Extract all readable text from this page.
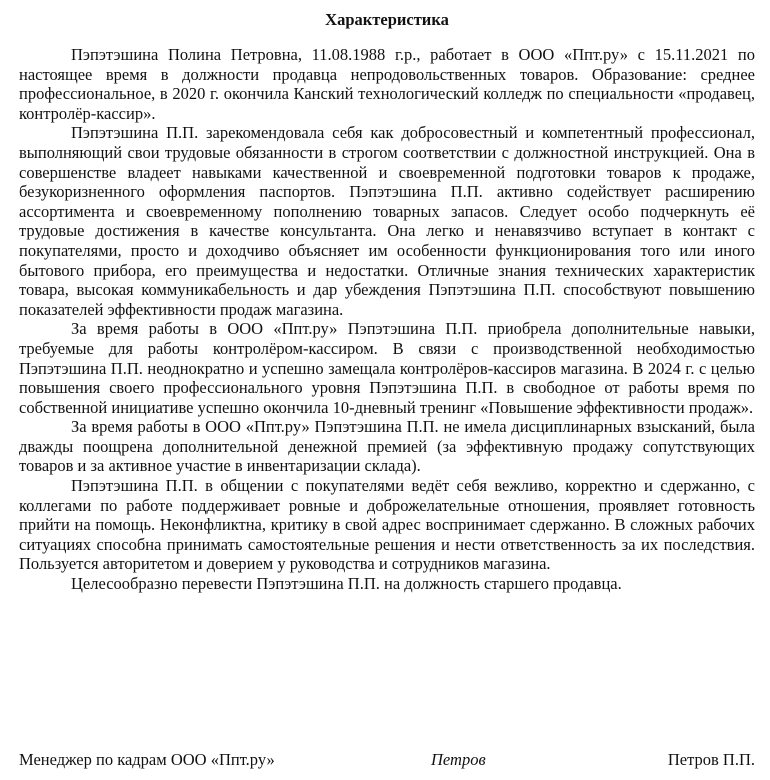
Характеристика

Пэпэтэшина Полина Петровна, 11.08.1988 г.р., работает в ООО «Ппт.ру» с 15.11.2021 по настоящее время в должности продавца непродовольственных товаров. Образование: среднее профессиональное, в 2020 г. окончила Канский технологический колледж по специальности «продавец, контролёр-кассир».

Пэпэтэшина П.П. зарекомендовала себя как добросовестный и компетентный профессионал, выполняющий свои трудовые обязанности в строгом соответствии с должностной инструкцией. Она в совершенстве владеет навыками качественной и своевременной подготовки товаров к продаже, безукоризненного оформления паспортов. Пэпэтэшина П.П. активно содействует расширению ассортимента и своевременному пополнению товарных запасов. Следует особо подчеркнуть её трудовые достижения в качестве консультанта. Она легко и ненавязчиво вступает в контакт с покупателями, просто и доходчиво объясняет им особенности функционирования того или иного бытового прибора, его преимущества и недостатки. Отличные знания технических характеристик товара, высокая коммуникабельность и дар убеждения Пэпэтэшина П.П. способствуют повышению показателей эффективности продаж магазина.

За время работы в ООО «Ппт.ру» Пэпэтэшина П.П. приобрела дополнительные навыки, требуемые для работы контролёром-кассиром. В связи с производственной необходимостью Пэпэтэшина П.П. неоднократно и успешно замещала контролёров-кассиров магазина. В 2024 г. с целью повышения своего профессионального уровня Пэпэтэшина П.П. в свободное от работы время по собственной инициативе успешно окончила 10-дневный тренинг «Повышение эффективности продаж».

За время работы в ООО «Ппт.ру» Пэпэтэшина П.П. не имела дисциплинарных взысканий, была дважды поощрена дополнительной денежной премией (за эффективную продажу сопутствующих товаров и за активное участие в инвентаризации склада).

Пэпэтэшина П.П. в общении с покупателями ведёт себя вежливо, корректно и сдержанно, с коллегами по работе поддерживает ровные и доброжелательные отношения, проявляет готовность прийти на помощь. Неконфликтна, критику в свой адрес воспринимает сдержанно. В сложных рабочих ситуациях способна принимать самостоятельные решения и нести ответственность за их последствия. Пользуется авторитетом и доверием у руководства и сотрудников магазина.

Целесообразно перевести Пэпэтэшина П.П. на должность старшего продавца.

Менеджер по кадрам ООО «Ппт.ру»	Петров	Петров П.П.
